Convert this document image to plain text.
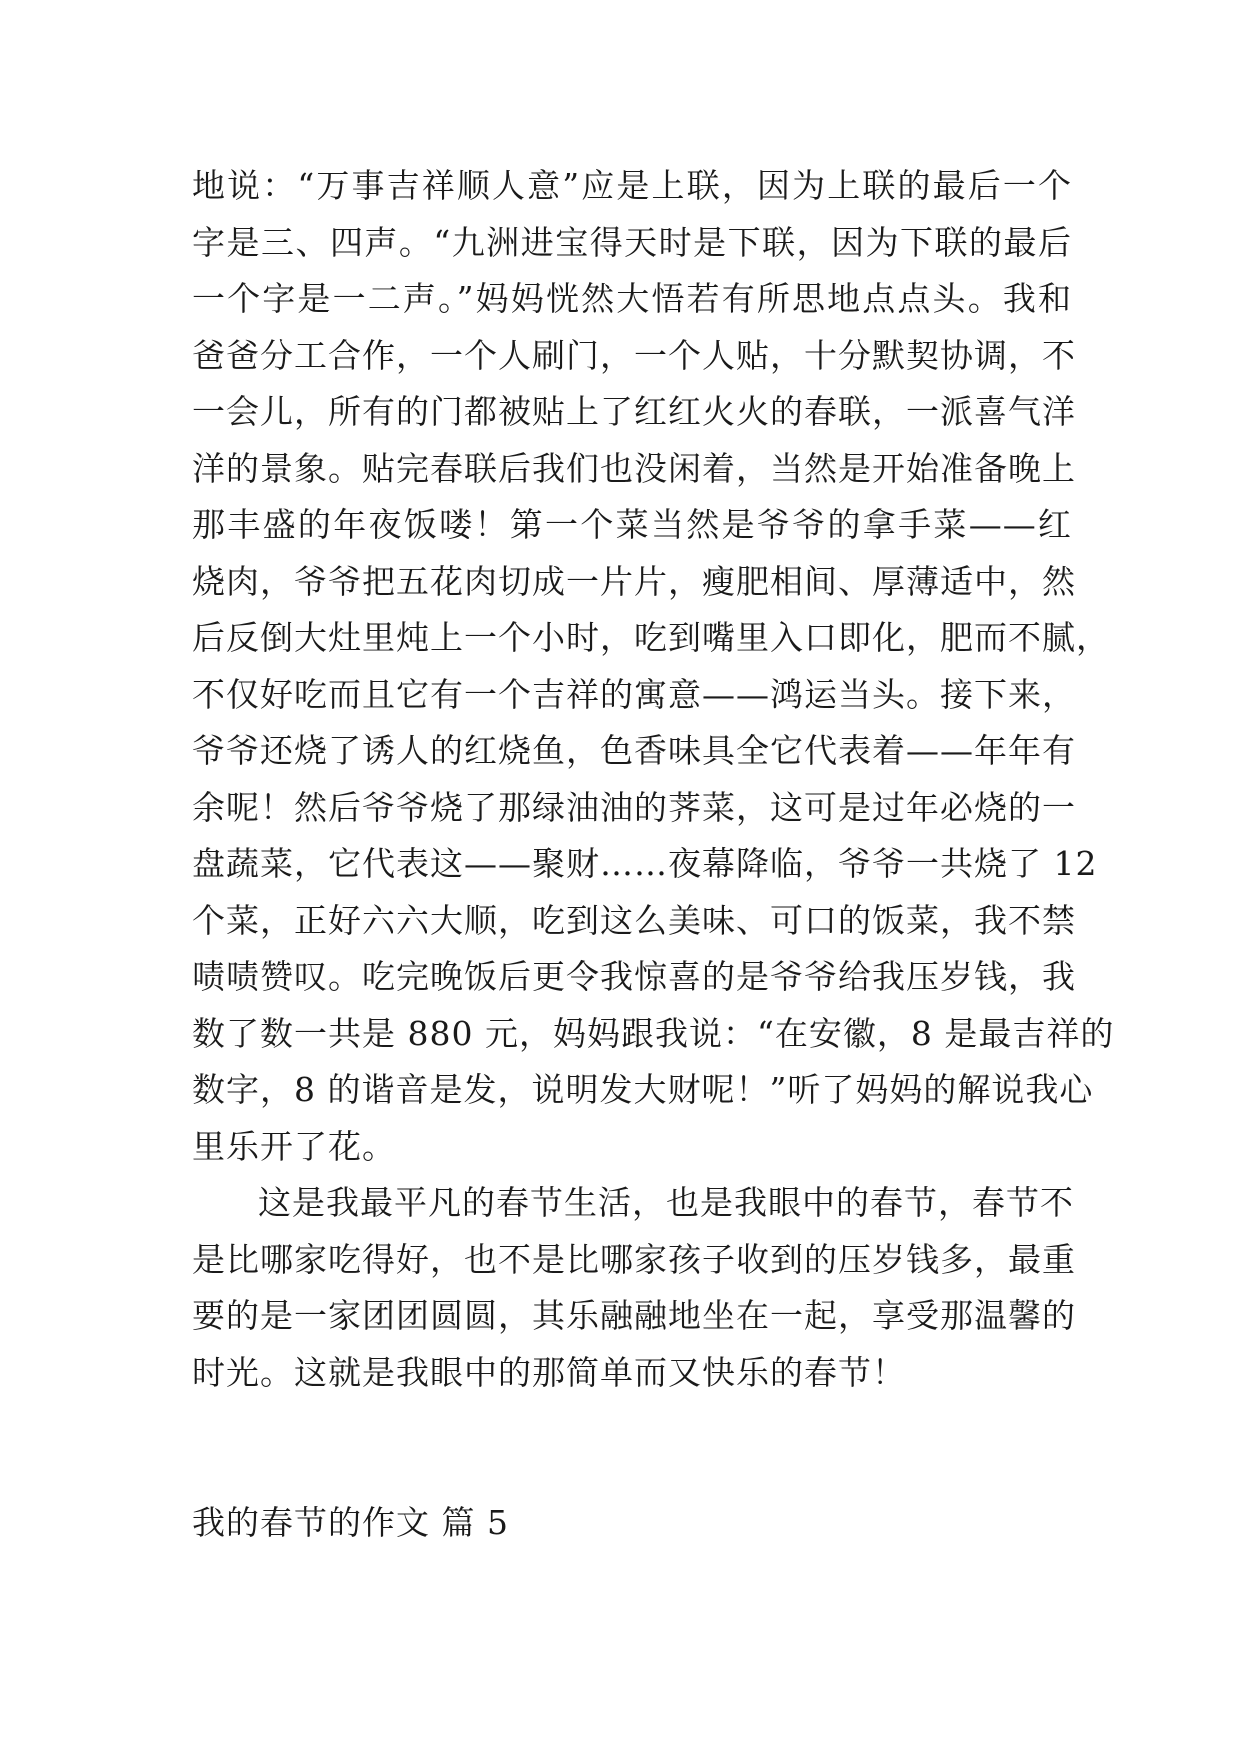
地说：“万事吉祥顺人意”应是上联，因为上联的最后一个
字是三、四声。“九洲进宝得天时是下联，因为下联的最后
一个字是一二声。”妈妈恍然大悟若有所思地点点头。我和
爸爸分工合作，一个人刷门，一个人贴，十分默契协调，不
一会儿，所有的门都被贴上了红红火火的春联，一派喜气洋
洋的景象。贴完春联后我们也没闲着，当然是开始准备晚上
那丰盛的年夜饭喽！第一个菜当然是爷爷的拿手菜——红
烧肉，爷爷把五花肉切成一片片，瘦肥相间、厚薄适中，然
后反倒大灶里炖上一个小时，吃到嘴里入口即化，肥而不腻，
不仅好吃而且它有一个吉祥的寓意——鸿运当头。接下来，
爷爷还烧了诱人的红烧鱼，色香味具全它代表着——年年有
余呢！然后爷爷烧了那绿油油的荠菜，这可是过年必烧的一
盘蔬菜，它代表这——聚财……夜幕降临，爷爷一共烧了 12
个菜，正好六六大顺，吃到这么美味、可口的饭菜，我不禁
啧啧赞叹。吃完晚饭后更令我惊喜的是爷爷给我压岁钱，我
数了数一共是 880 元，妈妈跟我说：“在安徽，8 是最吉祥的
数字，8 的谐音是发，说明发大财呢！”听了妈妈的解说我心
里乐开了花。
这是我最平凡的春节生活，也是我眼中的春节，春节不
是比哪家吃得好，也不是比哪家孩子收到的压岁钱多，最重
要的是一家团团圆圆，其乐融融地坐在一起，享受那温馨的
时光。这就是我眼中的那简单而又快乐的春节！
我的春节的作文 篇 5
